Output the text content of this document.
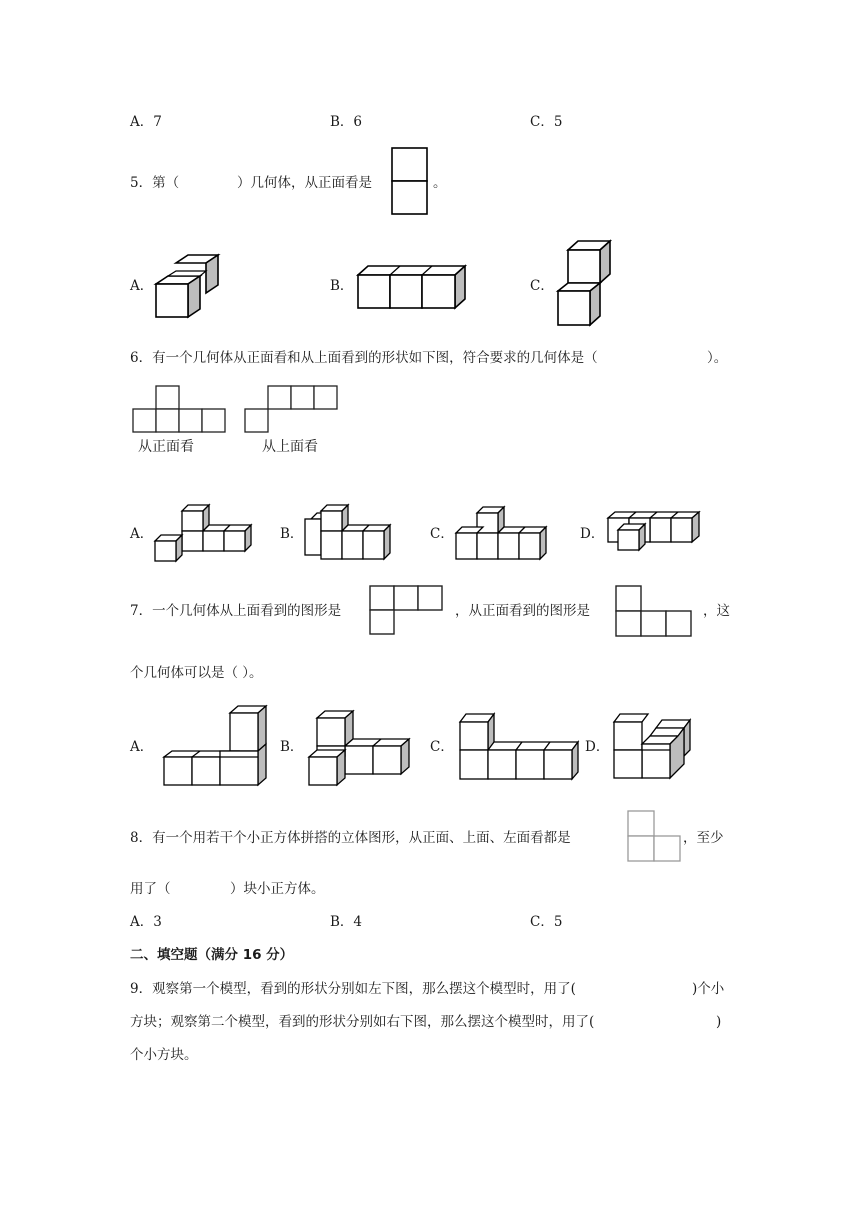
A．7	B．6	C．5
5．第（	）几何体，从正面看是	。
A．	B．	C．
6．有一个几何体从正面看和从上面看到的形状如下图，符合要求的几何体是（	）。
从正面看	从上面看
A．	B．	C．	D．
7．一个几何体从上面看到的图形是	，从正面看到的图形是	，这
个几何体可以是（ ）。
A．	B．	C．	D．
8．有一个用若干个小正方体拼搭的立体图形，从正面、上面、左面看都是	，至少
用了（	）块小正方体。
A．3	B．4	C．5
二、填空题（满分 16 分）
9．观察第一个模型，看到的形状分别如左下图，那么摆这个模型时，用了(	)个小
方块；观察第二个模型，看到的形状分别如右下图，那么摆这个模型时，用了(	)
个小方块。
